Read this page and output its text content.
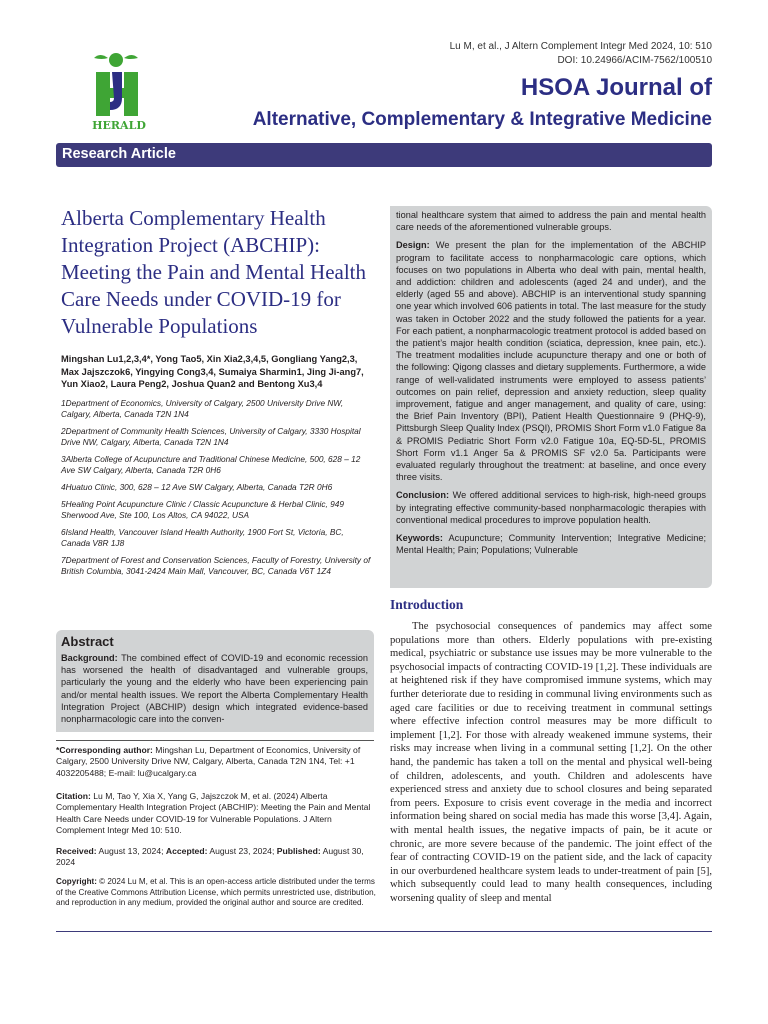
Lu M, et al., J Altern Complement Integr Med 2024, 10: 510
DOI: 10.24966/ACIM-7562/100510
HERALD
HSOA Journal of
Alternative, Complementary & Integrative Medicine
Research Article
Alberta Complementary Health Integration Project (ABCHIP): Meeting the Pain and Mental Health Care Needs under COVID-19 for Vulnerable Populations
Mingshan Lu1,2,3,4*, Yong Tao5, Xin Xia2,3,4,5, Gongliang Yang2,3, Max Jajszczok6, Yingying Cong3,4, Sumaiya Sharmin1, Jing Ji-ang7, Yun Xiao2, Laura Peng2, Joshua Quan2 and Bentong Xu3,4
1Department of Economics, University of Calgary, 2500 University Drive NW, Calgary, Alberta, Canada T2N 1N4
2Department of Community Health Sciences, University of Calgary, 3330 Hospital Drive NW, Calgary, Alberta, Canada T2N 1N4
3Alberta College of Acupuncture and Traditional Chinese Medicine, 500, 628 – 12 Ave SW Calgary, Alberta, Canada T2R 0H6
4Huatuo Clinic, 300, 628 – 12 Ave SW Calgary, Alberta, Canada T2R 0H6
5Healing Point Acupuncture Clinic / Classic Acupuncture & Herbal Clinic, 949 Sherwood Ave, Ste 100, Los Altos, CA 94022, USA
6Island Health, Vancouver Island Health Authority, 1900 Fort St, Victoria, BC, Canada V8R 1J8
7Department of Forest and Conservation Sciences, Faculty of Forestry, University of British Columbia, 3041-2424 Main Mall, Vancouver, BC, Canada V6T 1Z4
Abstract
Background: The combined effect of COVID-19 and economic recession has worsened the health of disadvantaged and vulnerable groups, particularly the young and the elderly who have been experiencing pain and/or mental health issues. We report the Alberta Complementary Health Integration Project (ABCHIP) design which integrated evidence-based nonpharmacologic care into the conven-
*Corresponding author: Mingshan Lu, Department of Economics, University of Calgary, 2500 University Drive NW, Calgary, Alberta, Canada T2N 1N4, Tel: +1 4032205488; E-mail: lu@ucalgary.ca
Citation: Lu M, Tao Y, Xia X, Yang G, Jajszczok M, et al. (2024) Alberta Complementary Health Integration Project (ABCHIP): Meeting the Pain and Mental Health Care Needs under COVID-19 for Vulnerable Populations. J Altern Complement Integr Med 10: 510.
Received: August 13, 2024; Accepted: August 23, 2024; Published: August 30, 2024
Copyright: © 2024 Lu M, et al. This is an open-access article distributed under the terms of the Creative Commons Attribution License, which permits unrestricted use, distribution, and reproduction in any medium, provided the original author and source are credited.
tional healthcare system that aimed to address the pain and mental health care needs of the aforementioned vulnerable groups.
Design: We present the plan for the implementation of the ABCHIP program to facilitate access to nonpharmacologic care options, which focuses on two populations in Alberta who deal with pain, mental health, and addiction: children and adolescents (aged 24 and under), and the elderly (aged 55 and above). ABCHIP is an interventional study spanning one year which involved 606 patients in total. The last measure for the study was taken in October 2022 and the study followed the patients for a year. For each patient, a nonpharmacologic treatment protocol is added based on the patient’s major health condition (sciatica, depression, knee pain, etc.). The treatment modalities include acupuncture therapy and one or both of the following: Qigong classes and dietary supplements. Furthermore, a wide range of well-validated instruments were employed to assess patients’ outcomes on pain relief, depression and anxiety reduction, sleep quality improvement, fatigue and anger management, and quality of care, using: the Brief Pain Inventory (BPI), Patient Health Questionnaire 9 (PHQ-9), Pittsburgh Sleep Quality Index (PSQI), PROMIS Short Form v1.0 Fatigue 8a & PROMIS Pediatric Short Form v2.0 Fatigue 10a, EQ-5D-5L, PROMIS Short Form v1.1 Anger 5a & PROMIS SF v2.0 5a. Participants were evaluated regularly throughout the treatment: at baseline, and once every three visits.
Conclusion: We offered additional services to high-risk, high-need groups by integrating effective community-based nonpharmacologic therapies with conventional medical procedures to improve population health.
Keywords: Acupuncture; Community Intervention; Integrative Medicine; Mental Health; Pain; Populations; Vulnerable
Introduction
The psychosocial consequences of pandemics may affect some populations more than others. Elderly populations with pre-existing medical, psychiatric or substance use issues may be more vulnerable to the psychosocial impacts of contracting COVID-19 [1,2]. These individuals are at heightened risk if they have compromised immune systems, which may further deteriorate due to residing in communal living environments such as aged care facilities or due to receiving treatment in communal settings where effective infection control measures may be more difficult to implement [1,2]. For those with already weakened immune systems, their risks may increase when living in a communal setting [1,2]. On the other hand, the pandemic has taken a toll on the mental and physical well-being of children, adolescents, and youth. Children and adolescents have experienced stress and anxiety due to school closures and being separated from peers. Exposure to crisis event coverage in the media and incorrect information being shared on social media has made this worse [3,4]. Again, with mental health issues, the negative impacts of pain, be it acute or chronic, are more severe because of the pandemic. The joint effect of the fear of contracting COVID-19 on the patient side, and the lack of capacity in our overburdened healthcare system leads to under-treatment of pain [5], which subsequently could lead to many health consequences, including worsening quality of sleep and mental
